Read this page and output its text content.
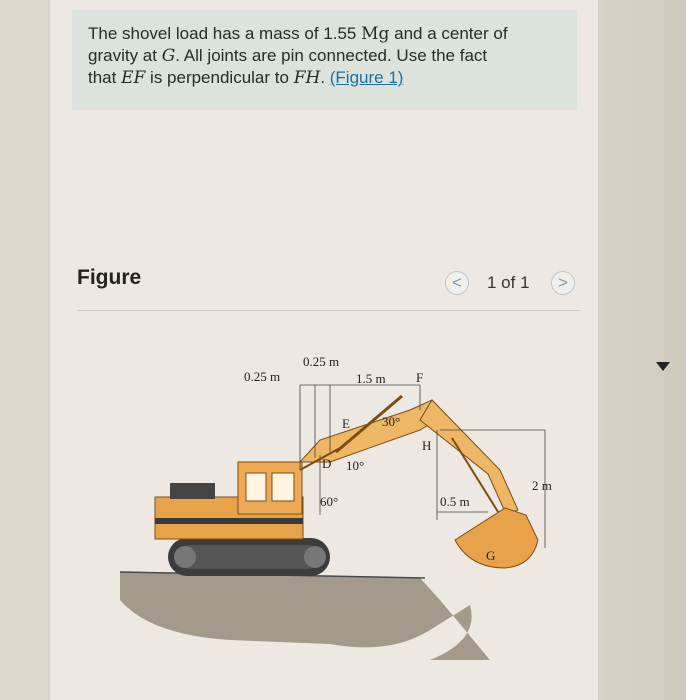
The shovel load has a mass of 1.55 Mg and a center of
gravity at G. All joints are pin connected. Use the fact
that EF is perpendicular to FH. (Figure 1)
Figure	<	1 of 1	>
0.25 m
0.25 m
1.5 m F
E 30°
H
D 10°
60°	0.5 m
2 m
G
